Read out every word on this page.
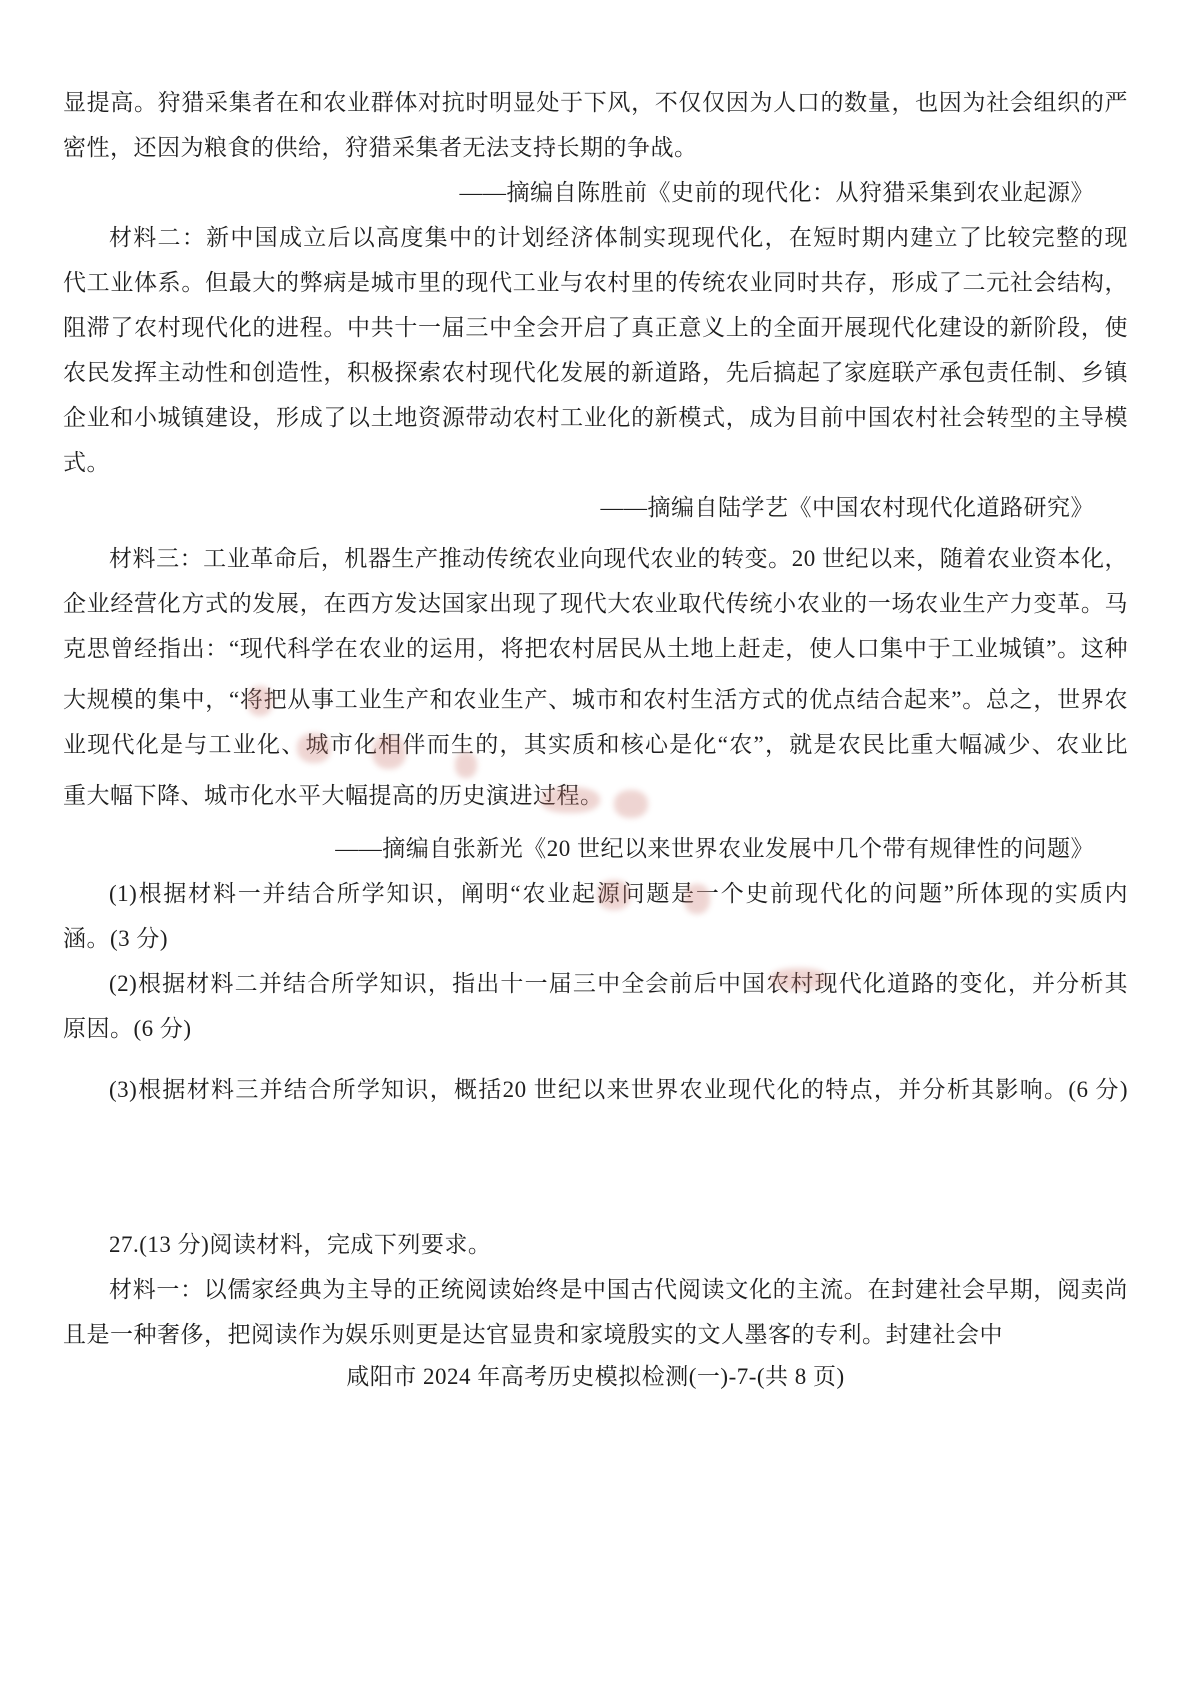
显提高。狩猎采集者在和农业群体对抗时明显处于下风，不仅仅因为人口的数量，也因为社会组织的严
密性，还因为粮食的供给，狩猎采集者无法支持长期的争战。
——摘编自陈胜前《史前的现代化：从狩猎采集到农业起源》
材料二：新中国成立后以高度集中的计划经济体制实现现代化，在短时期内建立了比较完整的现
代工业体系。但最大的弊病是城市里的现代工业与农村里的传统农业同时共存，形成了二元社会结构，
阻滞了农村现代化的进程。中共十一届三中全会开启了真正意义上的全面开展现代化建设的新阶段，使
农民发挥主动性和创造性，积极探索农村现代化发展的新道路，先后搞起了家庭联产承包责任制、乡镇
企业和小城镇建设，形成了以土地资源带动农村工业化的新模式，成为目前中国农村社会转型的主导模
式。
——摘编自陆学艺《中国农村现代化道路研究》
材料三：工业革命后，机器生产推动传统农业向现代农业的转变。20 世纪以来，随着农业资本化，
企业经营化方式的发展，在西方发达国家出现了现代大农业取代传统小农业的一场农业生产力变革。马
克思曾经指出：“现代科学在农业的运用，将把农村居民从土地上赶走，使人口集中于工业城镇”。这种
大规模的集中，“将把从事工业生产和农业生产、城市和农村生活方式的优点结合起来”。总之，世界农
业现代化是与工业化、城市化相伴而生的，其实质和核心是化“农”，就是农民比重大幅减少、农业比
重大幅下降、城市化水平大幅提高的历史演进过程。
——摘编自张新光《20 世纪以来世界农业发展中几个带有规律性的问题》
(1)根据材料一并结合所学知识，阐明“农业起源问题是一个史前现代化的问题”所体现的实质内
涵。(3 分)
(2)根据材料二并结合所学知识，指出十一届三中全会前后中国农村现代化道路的变化，并分析其
原因。(6 分)
(3)根据材料三并结合所学知识，概括20 世纪以来世界农业现代化的特点，并分析其影响。(6 分)
27.(13 分)阅读材料，完成下列要求。
材料一：以儒家经典为主导的正统阅读始终是中国古代阅读文化的主流。在封建社会早期，阅卖尚
且是一种奢侈，把阅读作为娱乐则更是达官显贵和家境殷实的文人墨客的专利。封建社会中
咸阳市 2024 年高考历史模拟检测(一)-7-(共 8 页)
